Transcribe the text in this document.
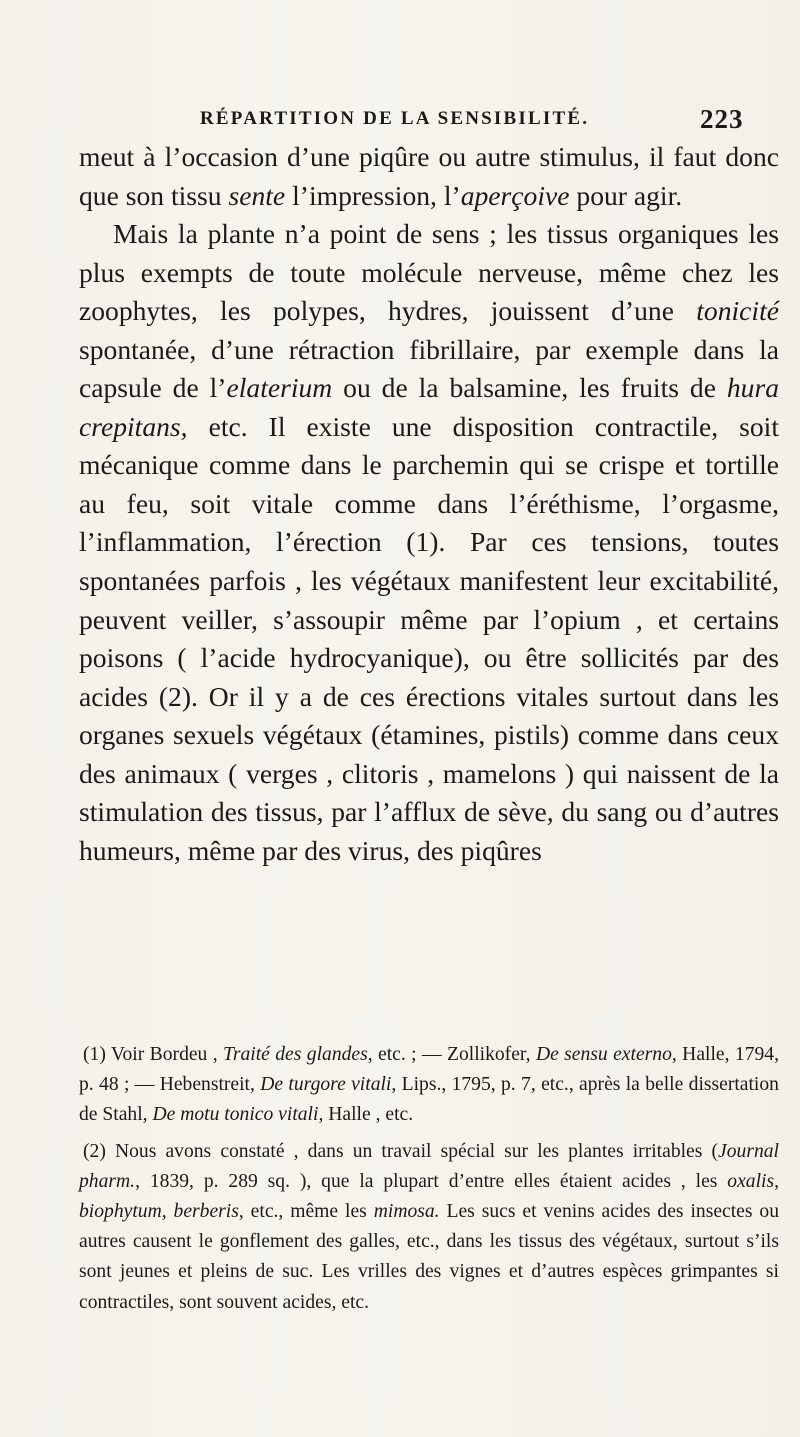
RÉPARTITION DE LA SENSIBILITÉ.	223

meut à l’occasion d’une piqûre ou autre stimulus, il faut donc que son tissu sente l’impression, l’aperçoive pour agir.

Mais la plante n’a point de sens ; les tissus organiques les plus exempts de toute molécule nerveuse, même chez les zoophytes, les polypes, hydres, jouissent d’une tonicité spontanée, d’une rétraction fibrillaire, par exemple dans la capsule de l’elaterium ou de la balsamine, les fruits de hura crepitans, etc. Il existe une disposition contractile, soit mécanique comme dans le parchemin qui se crispe et tortille au feu, soit vitale comme dans l’éréthisme, l’orgasme, l’inflammation, l’érection (1). Par ces tensions, toutes spontanées parfois , les végétaux manifestent leur excitabilité, peuvent veiller, s’assoupir même par l’opium , et certains poisons ( l’acide hydrocyanique), ou être sollicités par des acides (2). Or il y a de ces érections vitales surtout dans les organes sexuels végétaux (étamines, pistils) comme dans ceux des animaux ( verges , clitoris , mamelons ) qui naissent de la stimulation des tissus, par l’afflux de sève, du sang ou d’autres humeurs, même par des virus, des piqûres

(1) Voir Bordeu , Traité des glandes, etc. ; — Zollikofer, De sensu externo, Halle, 1794, p. 48 ; — Hebenstreit, De turgore vitali, Lips., 1795, p. 7, etc., après la belle dissertation de Stahl, De motu tonico vitali, Halle , etc.

(2) Nous avons constaté , dans un travail spécial sur les plantes irritables (Journal pharm., 1839, p. 289 sq. ), que la plupart d’entre elles étaient acides , les oxalis, biophytum, berberis, etc., même les mimosa. Les sucs et venins acides des insectes ou autres causent le gonflement des galles, etc., dans les tissus des végétaux, surtout s’ils sont jeunes et pleins de suc. Les vrilles des vignes et d’autres espèces grimpantes si contractiles, sont souvent acides, etc.
